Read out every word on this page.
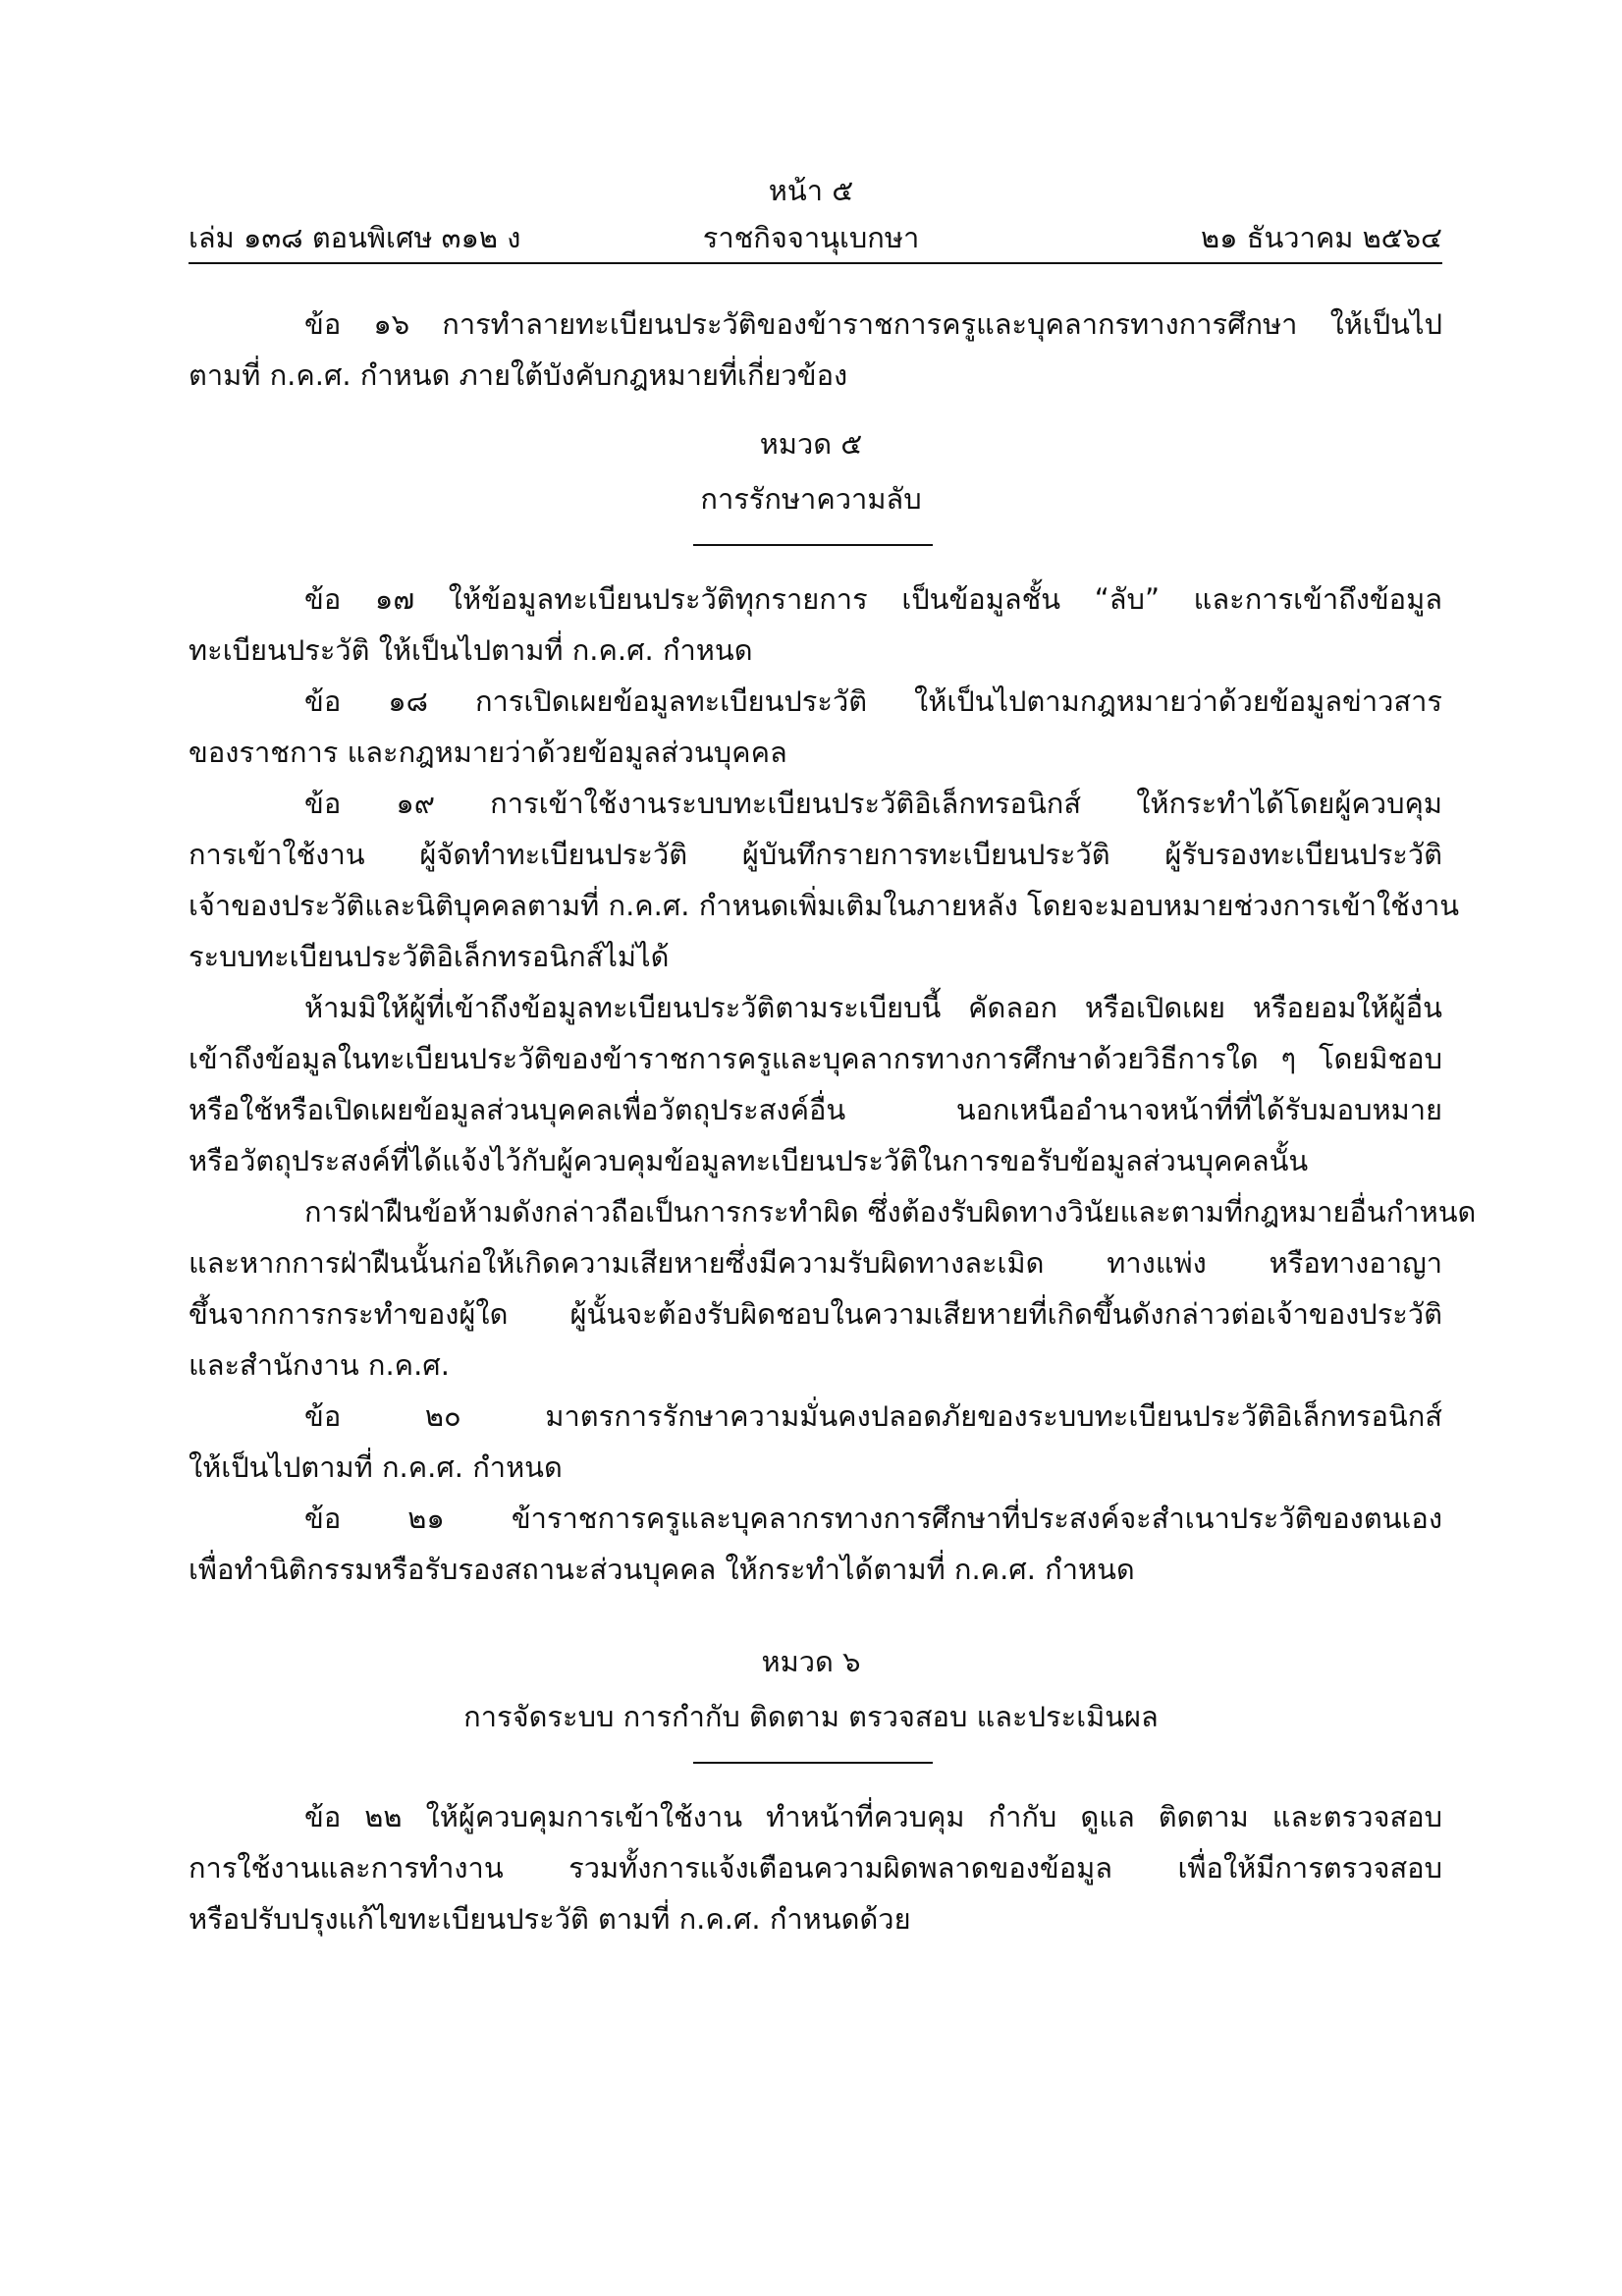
หน้า ๕
เล่ม ๑๓๘ ตอนพิเศษ ๓๑๒ ง	ราชกิจจานุเบกษา	๒๑ ธันวาคม ๒๕๖๔
ข้อ ๑๖ การทำลายทะเบียนประวัติของข้าราชการครูและบุคลากรทางการศึกษา ให้เป็นไป
ตามที่ ก.ค.ศ. กำหนด ภายใต้บังคับกฎหมายที่เกี่ยวข้อง
หมวด ๕
การรักษาความลับ
ข้อ ๑๗ ให้ข้อมูลทะเบียนประวัติทุกรายการ เป็นข้อมูลชั้น “ลับ” และการเข้าถึงข้อมูล
ทะเบียนประวัติ ให้เป็นไปตามที่ ก.ค.ศ. กำหนด
ข้อ ๑๘ การเปิดเผยข้อมูลทะเบียนประวัติ ให้เป็นไปตามกฎหมายว่าด้วยข้อมูลข่าวสาร
ของราชการ และกฎหมายว่าด้วยข้อมูลส่วนบุคคล
ข้อ ๑๙ การเข้าใช้งานระบบทะเบียนประวัติอิเล็กทรอนิกส์ ให้กระทำได้โดยผู้ควบคุม
การเข้าใช้งาน ผู้จัดทำทะเบียนประวัติ ผู้บันทึกรายการทะเบียนประวัติ ผู้รับรองทะเบียนประวัติ
เจ้าของประวัติและนิติบุคคลตามที่ ก.ค.ศ. กำหนดเพิ่มเติมในภายหลัง โดยจะมอบหมายช่วงการเข้าใช้งาน
ระบบทะเบียนประวัติอิเล็กทรอนิกส์ไม่ได้
ห้ามมิให้ผู้ที่เข้าถึงข้อมูลทะเบียนประวัติตามระเบียบนี้ คัดลอก หรือเปิดเผย หรือยอมให้ผู้อื่น
เข้าถึงข้อมูลในทะเบียนประวัติของข้าราชการครูและบุคลากรทางการศึกษาด้วยวิธีการใด ๆ โดยมิชอบ
หรือใช้หรือเปิดเผยข้อมูลส่วนบุคคลเพื่อวัตถุประสงค์อื่น นอกเหนืออำนาจหน้าที่ที่ได้รับมอบหมาย
หรือวัตถุประสงค์ที่ได้แจ้งไว้กับผู้ควบคุมข้อมูลทะเบียนประวัติในการขอรับข้อมูลส่วนบุคคลนั้น
การฝ่าฝืนข้อห้ามดังกล่าวถือเป็นการกระทำผิด ซึ่งต้องรับผิดทางวินัยและตามที่กฎหมายอื่นกำหนด
และหากการฝ่าฝืนนั้นก่อให้เกิดความเสียหายซึ่งมีความรับผิดทางละเมิด ทางแพ่ง หรือทางอาญา
ขึ้นจากการกระทำของผู้ใด ผู้นั้นจะต้องรับผิดชอบในความเสียหายที่เกิดขึ้นดังกล่าวต่อเจ้าของประวัติ
และสำนักงาน ก.ค.ศ.
ข้อ ๒๐ มาตรการรักษาความมั่นคงปลอดภัยของระบบทะเบียนประวัติอิเล็กทรอนิกส์
ให้เป็นไปตามที่ ก.ค.ศ. กำหนด
ข้อ ๒๑ ข้าราชการครูและบุคลากรทางการศึกษาที่ประสงค์จะสำเนาประวัติของตนเอง
เพื่อทำนิติกรรมหรือรับรองสถานะส่วนบุคคล ให้กระทำได้ตามที่ ก.ค.ศ. กำหนด
หมวด ๖
การจัดระบบ การกำกับ ติดตาม ตรวจสอบ และประเมินผล
ข้อ ๒๒ ให้ผู้ควบคุมการเข้าใช้งาน ทำหน้าที่ควบคุม กำกับ ดูแล ติดตาม และตรวจสอบ
การใช้งานและการทำงาน รวมทั้งการแจ้งเตือนความผิดพลาดของข้อมูล เพื่อให้มีการตรวจสอบ
หรือปรับปรุงแก้ไขทะเบียนประวัติ ตามที่ ก.ค.ศ. กำหนดด้วย
